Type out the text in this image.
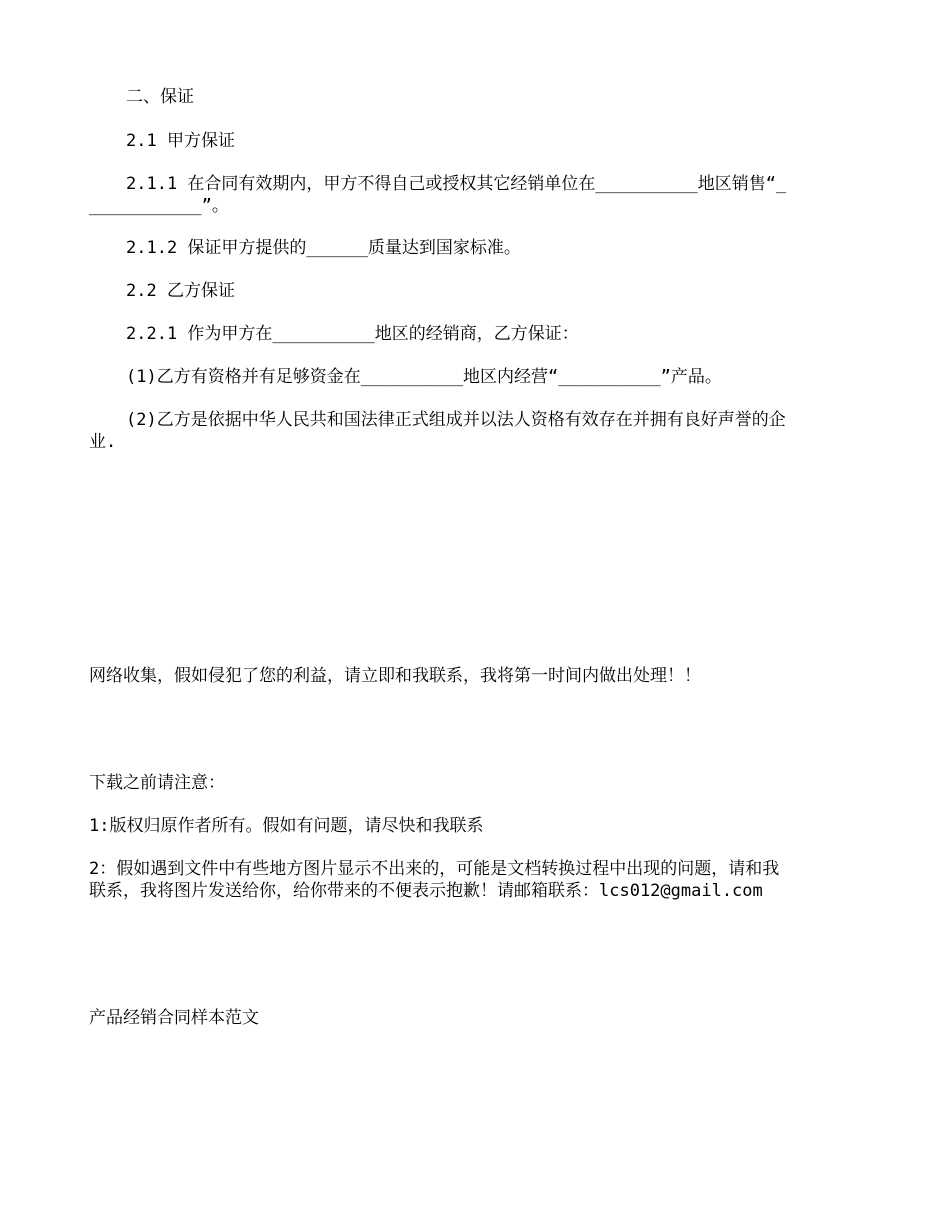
二、保证

2.1 甲方保证

2.1.1 在合同有效期内，甲方不得自己或授权其它经销单位在__________地区销售“____________”。

2.1.2 保证甲方提供的______质量达到国家标准。

2.2 乙方保证

2.2.1 作为甲方在__________地区的经销商，乙方保证：

(1)乙方有资格并有足够资金在__________地区内经营“__________”产品。

(2)乙方是依据中华人民共和国法律正式组成并以法人资格有效存在并拥有良好声誉的企业.

网络收集，假如侵犯了您的利益，请立即和我联系，我将第一时间内做出处理！！

下载之前请注意：

1:版权归原作者所有。假如有问题，请尽快和我联系

2：假如遇到文件中有些地方图片显示不出来的，可能是文档转换过程中出现的问题，请和我联系，我将图片发送给你，给你带来的不便表示抱歉！请邮箱联系：lcs012@gmail.com

产品经销合同样本范文
